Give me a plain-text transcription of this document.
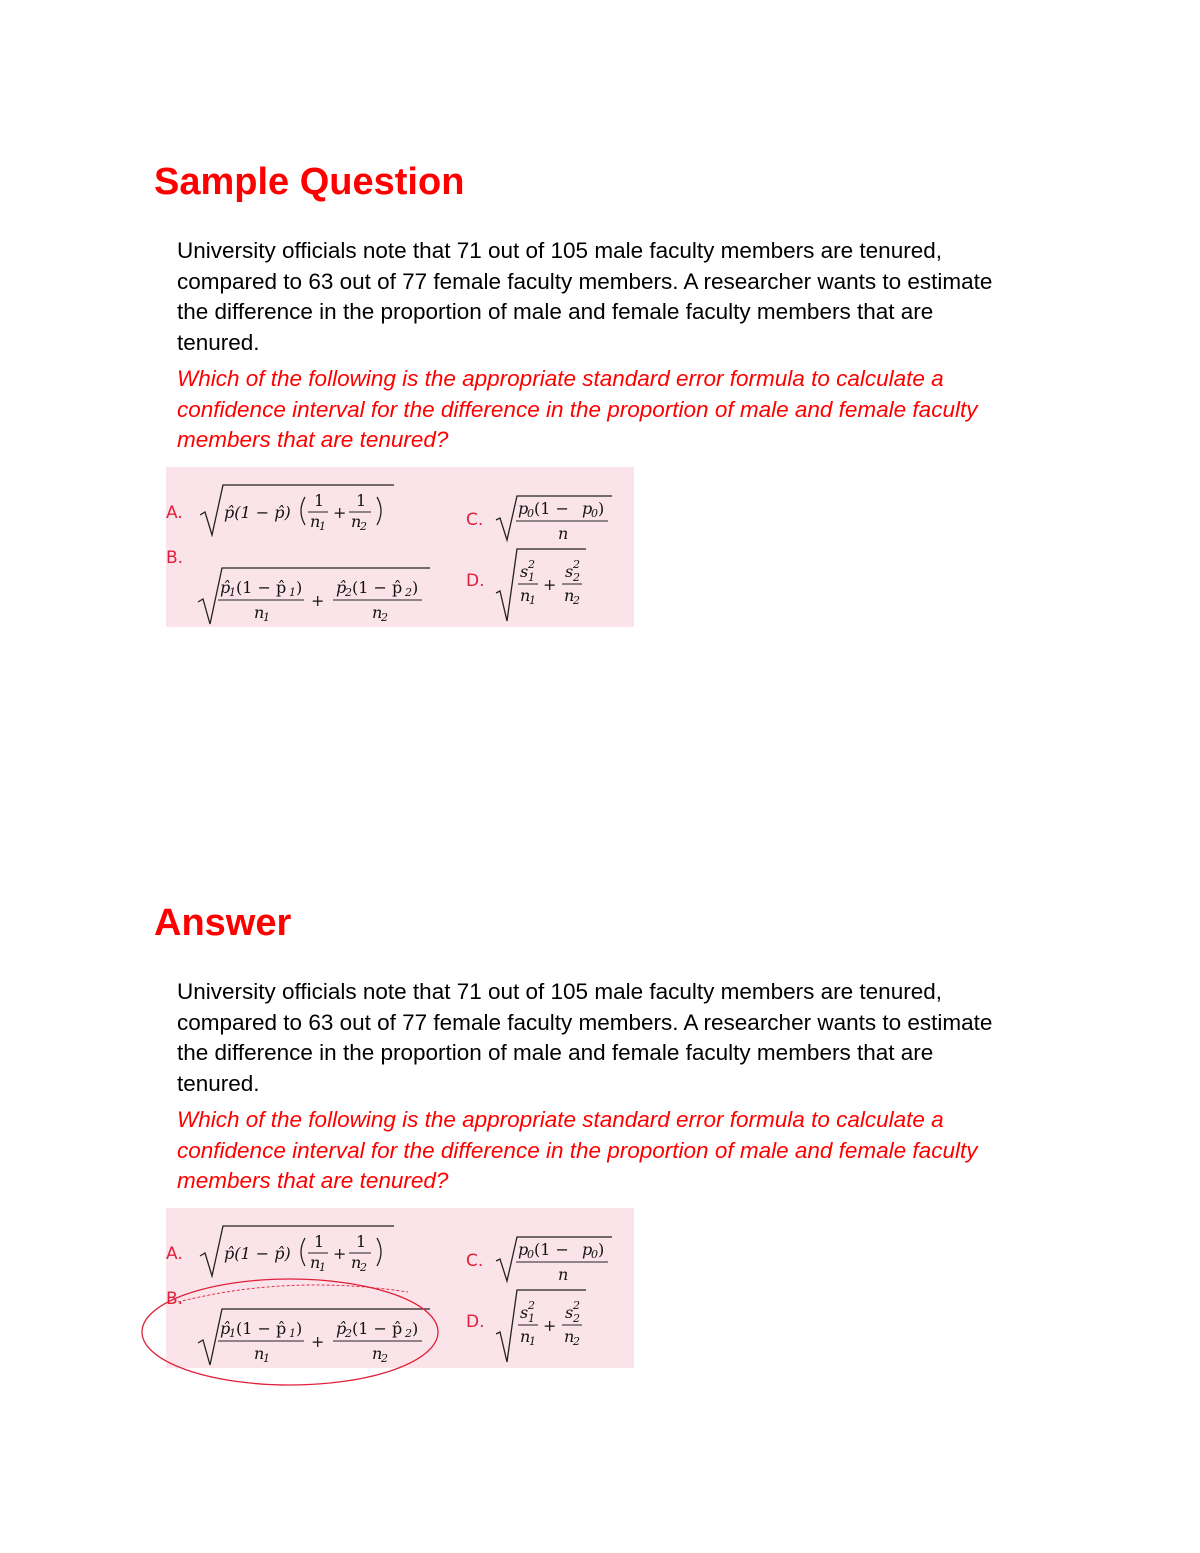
Sample Question

University officials note that 71 out of 105 male faculty members are tenured, compared to 63 out of 77 female faculty members. A researcher wants to estimate the difference in the proportion of male and female faculty members that are tenured.

Which of the following is the appropriate standard error formula to calculate a confidence interval for the difference in the proportion of male and female faculty members that are tenured?

A.
B.
C.
D.
p̂(1 − p̂)
1
n
1
+
1
n
2
p̂
1 (1 − p̂ 1 )
n
1
+
p̂
2 (1 − p̂ 2 )
n
2
p
0 (1 − p
0 )
n
s 2
1
n
1
+
s 2
2
n
2
Answer

University officials note that 71 out of 105 male faculty members are tenured, compared to 63 out of 77 female faculty members. A researcher wants to estimate the difference in the proportion of male and female faculty members that are tenured.

Which of the following is the appropriate standard error formula to calculate a confidence interval for the difference in the proportion of male and female faculty members that are tenured?

A.
B.
C.
D.
p̂(1 − p̂)
1
n
1
+
1
n
2
p̂
1 (1 − p̂ 1 )
n
1
+
p̂
2 (1 − p̂ 2 )
n
2
p
0 (1 − p
0 )
n
s 2
1
n
1
+
s 2
2
n
2
